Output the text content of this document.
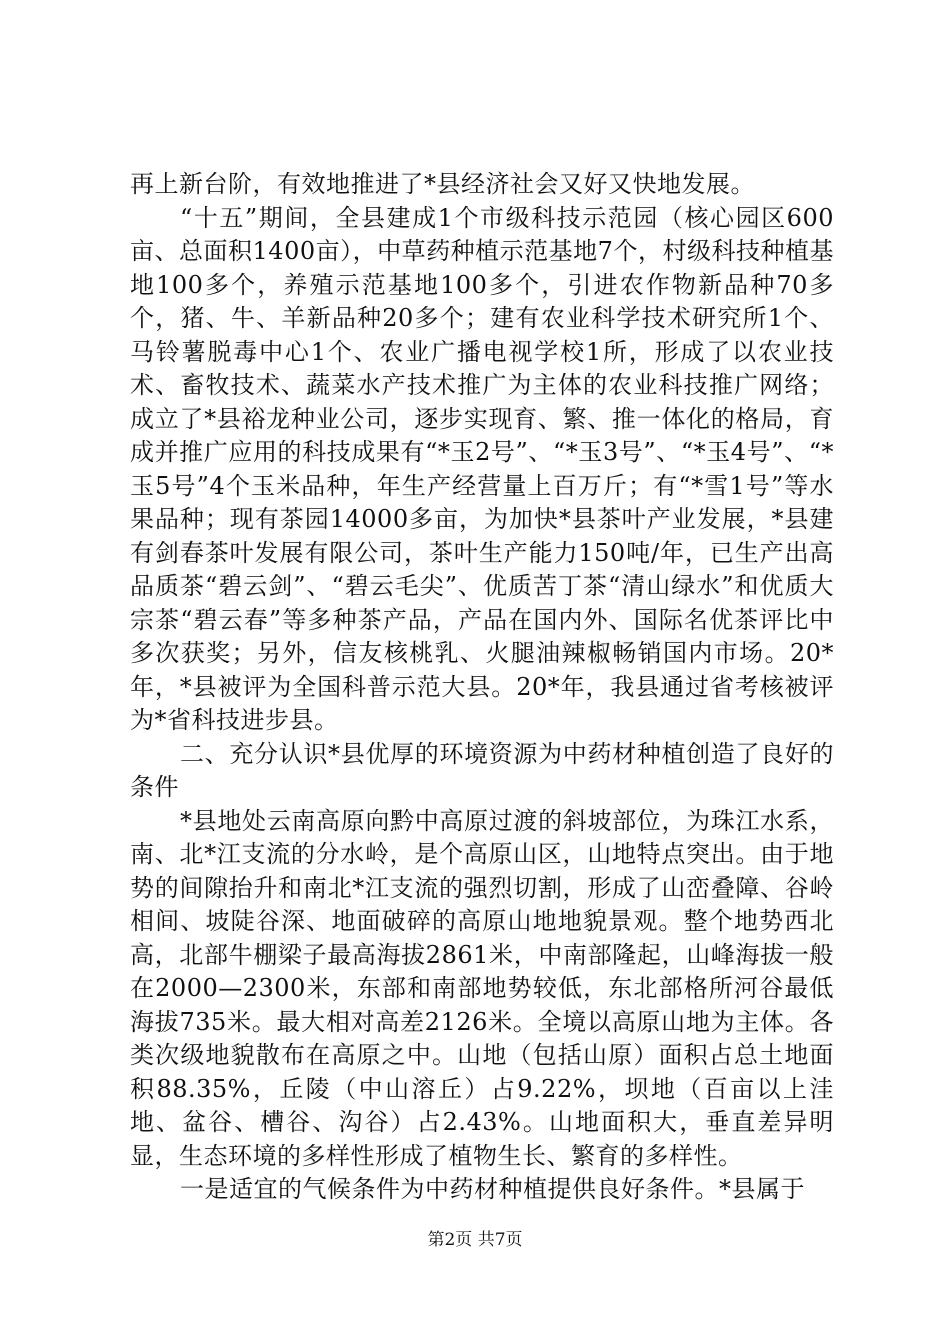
再上新台阶，有效地推进了*县经济社会又好又快地发展。

“十五”期间，全县建成1个市级科技示范园（核心园区600亩、总面积1400亩），中草药种植示范基地7个，村级科技种植基地100多个，养殖示范基地100多个，引进农作物新品种70多个，猪、牛、羊新品种20多个；建有农业科学技术研究所1个、马铃薯脱毒中心1个、农业广播电视学校1所，形成了以农业技术、畜牧技术、蔬菜水产技术推广为主体的农业科技推广网络；成立了*县裕龙种业公司，逐步实现育、繁、推一体化的格局，育成并推广应用的科技成果有“*玉2号”、“*玉3号”、“*玉4号”、“*玉5号”4个玉米品种，年生产经营量上百万斤；有“*雪1号”等水果品种；现有茶园14000多亩，为加快*县茶叶产业发展，*县建有剑春茶叶发展有限公司，茶叶生产能力150吨/年，已生产出高品质茶“碧云剑”、“碧云毛尖”、优质苦丁茶“清山绿水”和优质大宗茶“碧云春”等多种茶产品，产品在国内外、国际名优茶评比中多次获奖；另外，信友核桃乳、火腿油辣椒畅销国内市场。20*年，*县被评为全国科普示范大县。20*年，我县通过省考核被评为*省科技进步县。

二、充分认识*县优厚的环境资源为中药材种植创造了良好的条件

*县地处云南高原向黔中高原过渡的斜坡部位，为珠江水系，南、北*江支流的分水岭，是个高原山区，山地特点突出。由于地势的间隙抬升和南北*江支流的强烈切割，形成了山峦叠障、谷岭相间、坡陡谷深、地面破碎的高原山地地貌景观。整个地势西北高，北部牛棚梁子最高海拔2861米，中南部隆起，山峰海拔一般在2000—2300米，东部和南部地势较低，东北部格所河谷最低海拔735米。最大相对高差2126米。全境以高原山地为主体。各类次级地貌散布在高原之中。山地（包括山原）面积占总土地面积88.35%，丘陵（中山溶丘）占9.22%，坝地（百亩以上洼地、盆谷、槽谷、沟谷）占2.43%。山地面积大，垂直差异明显，生态环境的多样性形成了植物生长、繁育的多样性。

一是适宜的气候条件为中药材种植提供良好条件。*县属于

第2页 共7页
